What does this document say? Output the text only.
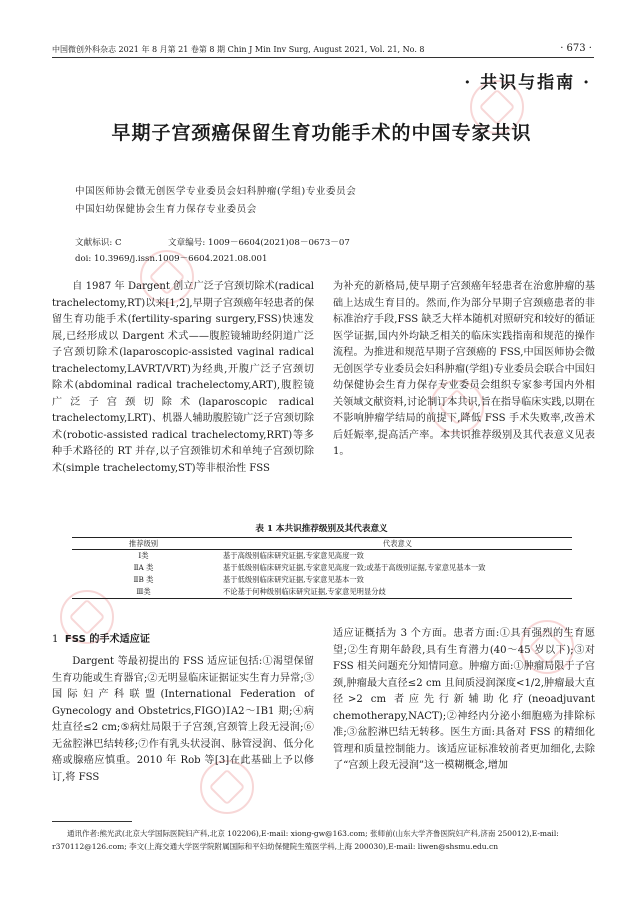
中国微创外科杂志 2021 年 8 月第 21 卷第 8 期 Chin J Min Inv Surg, August 2021, Vol. 21, No. 8	· 673 ·
· 共识与指南 ·
早期子宫颈癌保留生育功能手术的中国专家共识
中国医师协会微无创医学专业委员会妇科肿瘤(学组)专业委员会
中国妇幼保健协会生育力保存专业委员会
文献标识: C	文章编号: 1009－6604(2021)08－0673－07
doi: 10.3969/j.issn.1009－6604.2021.08.001

自 1987 年 Dargent 创立广泛子宫颈切除术(radical trachelectomy,RT)以来[1,2],早期子宫颈癌年轻患者的保留生育功能手术(fertility-sparing surgery,FSS)快速发展,已经形成以 Dargent 术式——腹腔镜辅助经阴道广泛子宫颈切除术(laparoscopic-assisted vaginal radical trachelectomy,LAVRT/VRT)为经典,开腹广泛子宫颈切除术(abdominal radical trachelectomy,ART),腹腔镜广泛子宫颈切除术(laparoscopic radical trachelectomy,LRT)、机器人辅助腹腔镜广泛子宫颈切除术(robotic-assisted radical trachelectomy,RRT)等多种手术路径的 RT 并存,以子宫颈锥切术和单纯子宫颈切除术(simple trachelectomy,ST)等非根治性 FSS

为补充的新格局,使早期子宫颈癌年轻患者在治愈肿瘤的基础上达成生育目的。然而,作为部分早期子宫颈癌患者的非标准治疗手段,FSS 缺乏大样本随机对照研究和较好的循证医学证据,国内外均缺乏相关的临床实践指南和规范的操作流程。为推进和规范早期子宫颈癌的 FSS,中国医师协会微无创医学专业委员会妇科肿瘤(学组)专业委员会联合中国妇幼保健协会生育力保存专业委员会组织专家参考国内外相关领域文献资料,讨论制订本共识,旨在指导临床实践,以期在不影响肿瘤学结局的前提下,降低 FSS 手术失败率,改善术后妊娠率,提高活产率。本共识推荐级别及其代表意义见表 1。

表 1 本共识推荐级别及其代表意义
推荐级别	代表意义
Ⅰ类	基于高级别临床研究证据,专家意见高度一致
ⅡA 类	基于低级别临床研究证据,专家意见高度一致;或基于高级别证据,专家意见基本一致
ⅡB 类	基于低级别临床研究证据,专家意见基本一致
Ⅲ类	不论基于何种级别临床研究证据,专家意见明显分歧
1 FSS 的手术适应证

Dargent 等最初提出的 FSS 适应证包括:①渴望保留生育功能或生育器官;②无明显临床证据证实生育力异常;③国际妇产科联盟(International Federation of Gynecology and Obstetrics,FIGO)ⅠA2～ⅠB1 期;④病灶直径≤2 cm;⑤病灶局限于子宫颈,宫颈管上段无浸润;⑥无盆腔淋巴结转移;⑦作有乳头状浸润、脉管浸润、低分化癌或腺癌应慎重。2010 年 Rob 等[3]在此基础上予以修订,将 FSS

适应证概括为 3 个方面。患者方面:①具有强烈的生育愿望;②生育期年龄段,具有生育潜力(40～45 岁以下);③对 FSS 相关问题充分知情同意。肿瘤方面:①肿瘤局限于子宫颈,肿瘤最大直径≤2 cm 且间质浸润深度<1/2,肿瘤最大直径>2 cm 者应先行新辅助化疗(neoadjuvant chemotherapy,NACT);②神经内分泌小细胞癌为排除标准;③盆腔淋巴结无转移。医生方面:具备对 FSS 的精细化管理和质量控制能力。该适应证标准较前者更加细化,去除了“宫颈上段无浸润”这一模糊概念,增加

通讯作者:熊光武(北京大学国际医院妇产科,北京 102206),E-mail: xiong-gw@163.com; 张师前(山东大学齐鲁医院妇产科,济南 250012),E-mail: r370112@126.com; 李文(上海交通大学医学院附属国际和平妇幼保健院生殖医学科,上海 200030),E-mail: liwen@shsmu.edu.cn
